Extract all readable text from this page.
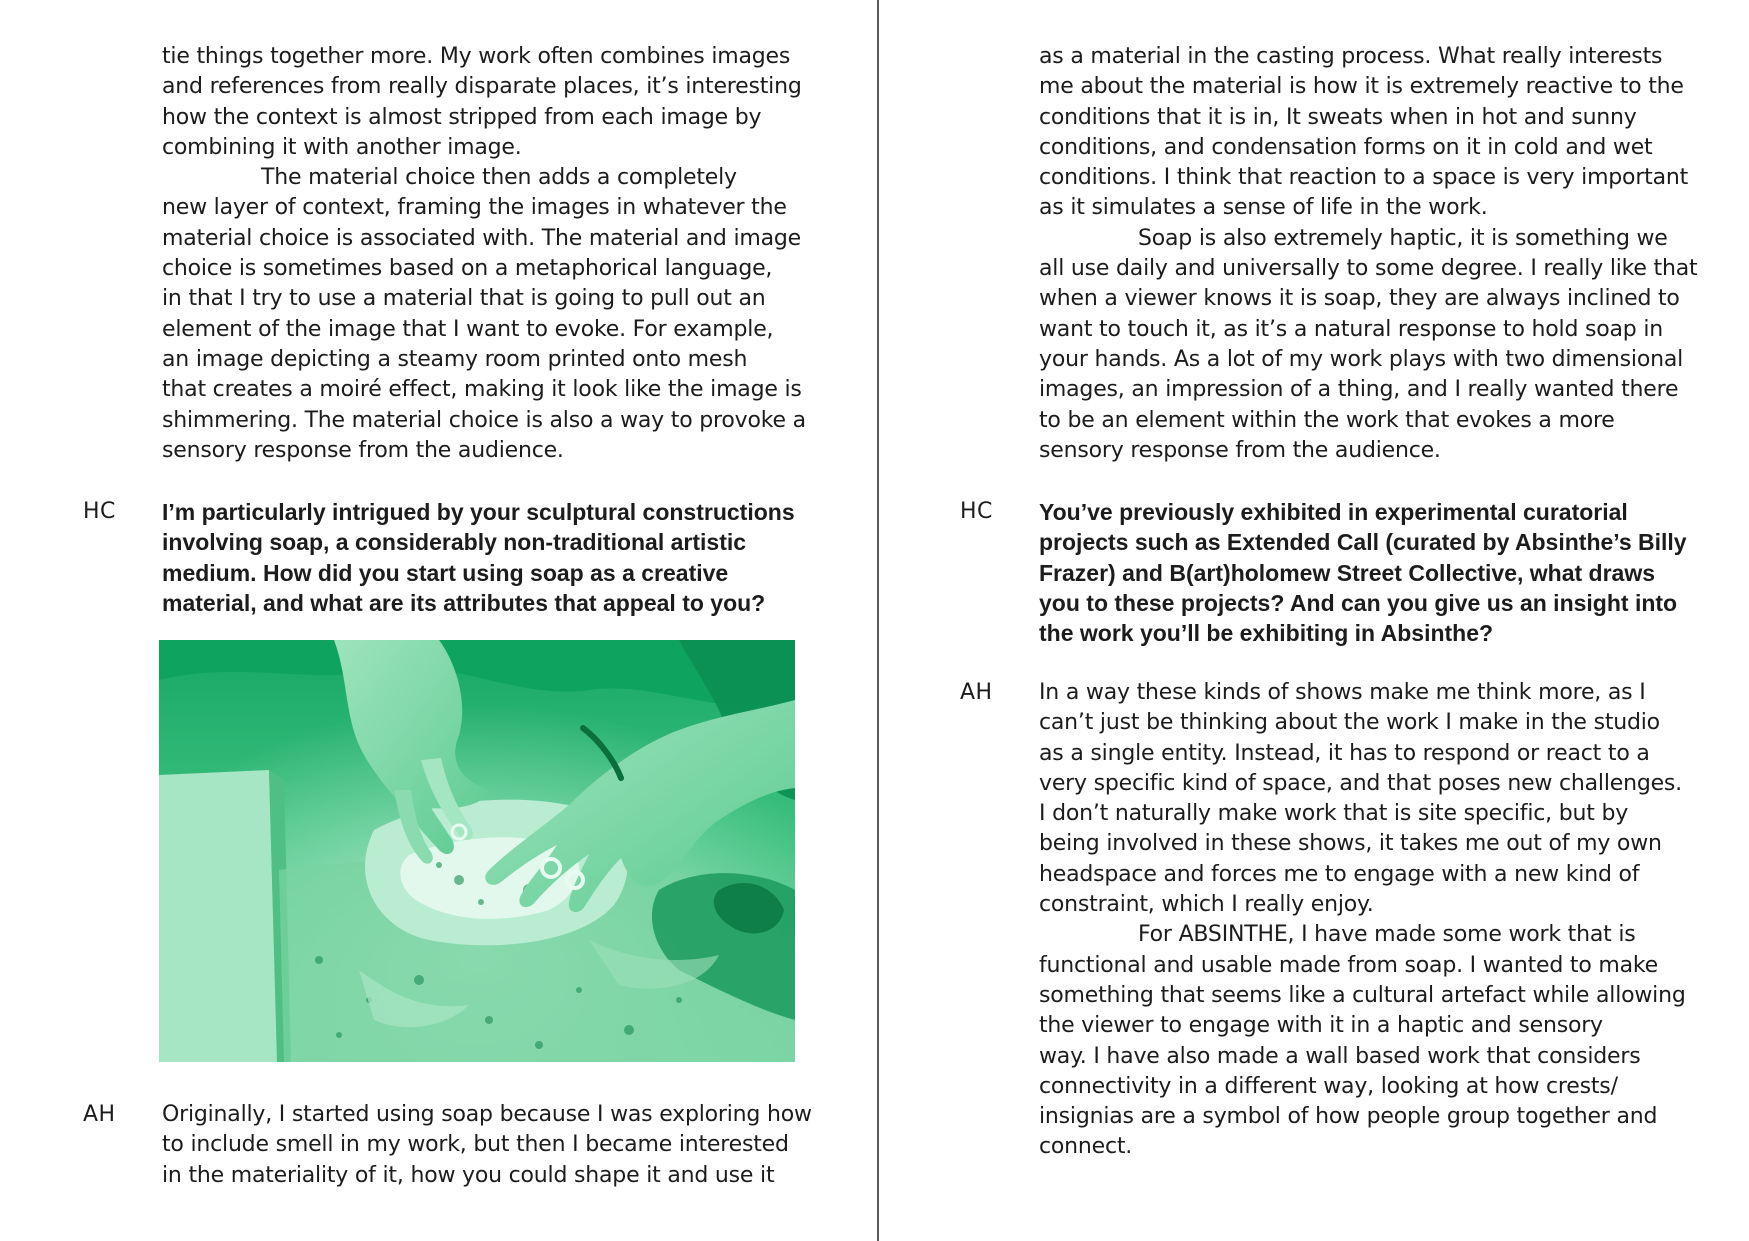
tie things together more. My work often combines images
and references from really disparate places, it’s interesting
how the context is almost stripped from each image by
combining it with another image.
The material choice then adds a completely
new layer of context, framing the images in whatever the
material choice is associated with. The material and image
choice is sometimes based on a metaphorical language,
in that I try to use a material that is going to pull out an
element of the image that I want to evoke. For example,
an image depicting a steamy room printed onto mesh
that creates a moiré effect, making it look like the image is
shimmering. The material choice is also a way to provoke a
sensory response from the audience.

HC I’m particularly intrigued by your sculptural constructions
involving soap, a considerably non-traditional artistic
medium. How did you start using soap as a creative
material, and what are its attributes that appeal to you?

AH Originally, I started using soap because I was exploring how
to include smell in my work, but then I became interested
in the materiality of it, how you could shape it and use it

as a material in the casting process. What really interests
me about the material is how it is extremely reactive to the
conditions that it is in, It sweats when in hot and sunny
conditions, and condensation forms on it in cold and wet
conditions. I think that reaction to a space is very important
as it simulates a sense of life in the work.
Soap is also extremely haptic, it is something we
all use daily and universally to some degree. I really like that
when a viewer knows it is soap, they are always inclined to
want to touch it, as it’s a natural response to hold soap in
your hands. As a lot of my work plays with two dimensional
images, an impression of a thing, and I really wanted there
to be an element within the work that evokes a more
sensory response from the audience.

HC You’ve previously exhibited in experimental curatorial
projects such as Extended Call (curated by Absinthe’s Billy
Frazer) and B(art)holomew Street Collective, what draws
you to these projects? And can you give us an insight into
the work you’ll be exhibiting in Absinthe?

AH In a way these kinds of shows make me think more, as I
can’t just be thinking about the work I make in the studio
as a single entity. Instead, it has to respond or react to a
very specific kind of space, and that poses new challenges.
I don’t naturally make work that is site specific, but by
being involved in these shows, it takes me out of my own
headspace and forces me to engage with a new kind of
constraint, which I really enjoy.
For ABSINTHE, I have made some work that is
functional and usable made from soap. I wanted to make
something that seems like a cultural artefact while allowing
the viewer to engage with it in a haptic and sensory
way. I have also made a wall based work that considers
connectivity in a different way, looking at how crests/
insignias are a symbol of how people group together and
connect.
